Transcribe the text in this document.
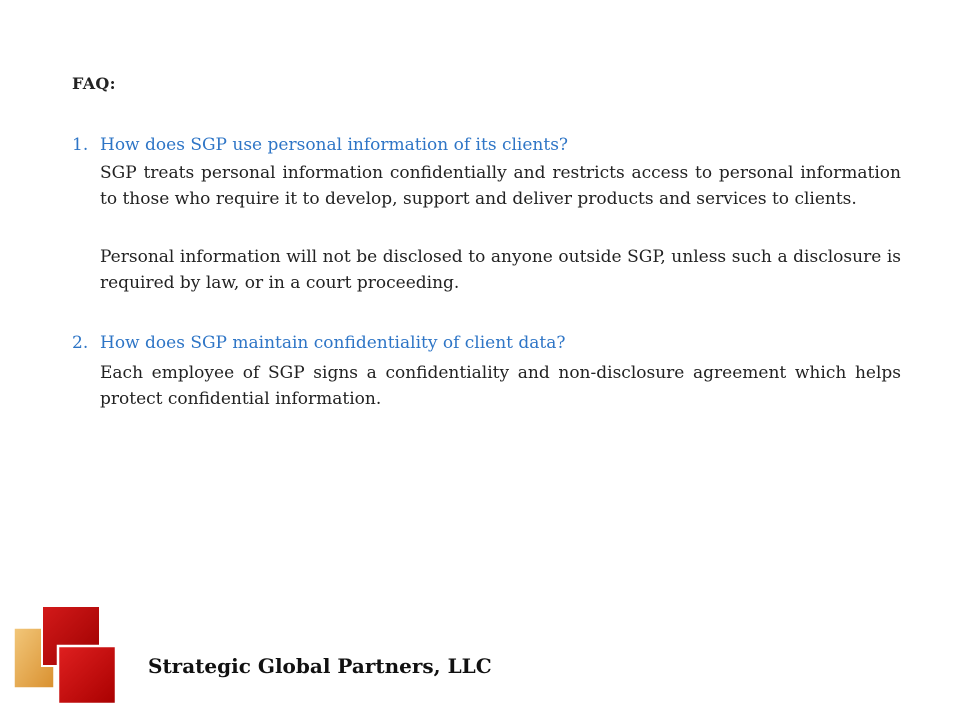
FAQ:
1. How does SGP use personal information of its clients?
SGP treats personal information confidentially and restricts access to personal information to those who require it to develop, support and deliver products and services to clients.
Personal information will not be disclosed to anyone outside SGP, unless such a disclosure is required by law, or in a court proceeding.
2. How does SGP maintain confidentiality of client data?
Each employee of SGP signs a confidentiality and non-disclosure agreement which helps protect confidential information.
Strategic Global Partners, LLC
